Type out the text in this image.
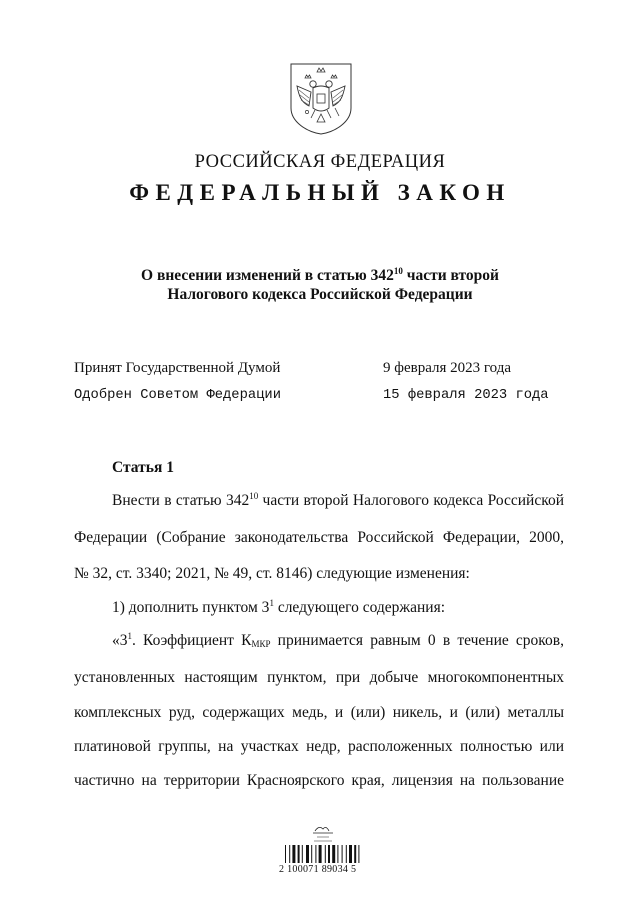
РОССИЙСКАЯ ФЕДЕРАЦИЯ
ФЕДЕРАЛЬНЫЙ ЗАКОН
О внесении изменений в статью $342^{10}$ части второй
Налогового кодекса Российской Федерации
Принят Государственной Думой	9 февраля 2023 года
Одобрен Советом Федерации	15 февраля 2023 года
Статья 1
Внести в статью $342^{10}$ части второй Налогового кодекса Российской
Федерации (Собрание законодательства Российской Федерации, 2000,
№ 32, ст. 3340; 2021, № 49, ст. 8146) следующие изменения:
1) дополнить пунктом $3^1$ следующего содержания:
«$3^1$. Коэффициент $К_{МКР}$ принимается равным 0 в течение сроков,
установленных настоящим пунктом, при добыче многокомпонентных
комплексных руд, содержащих медь, и (или) никель, и (или) металлы
платиновой группы, на участках недр, расположенных полностью или
частично на территории Красноярского края, лицензия на пользование
2 100071 89034 5
